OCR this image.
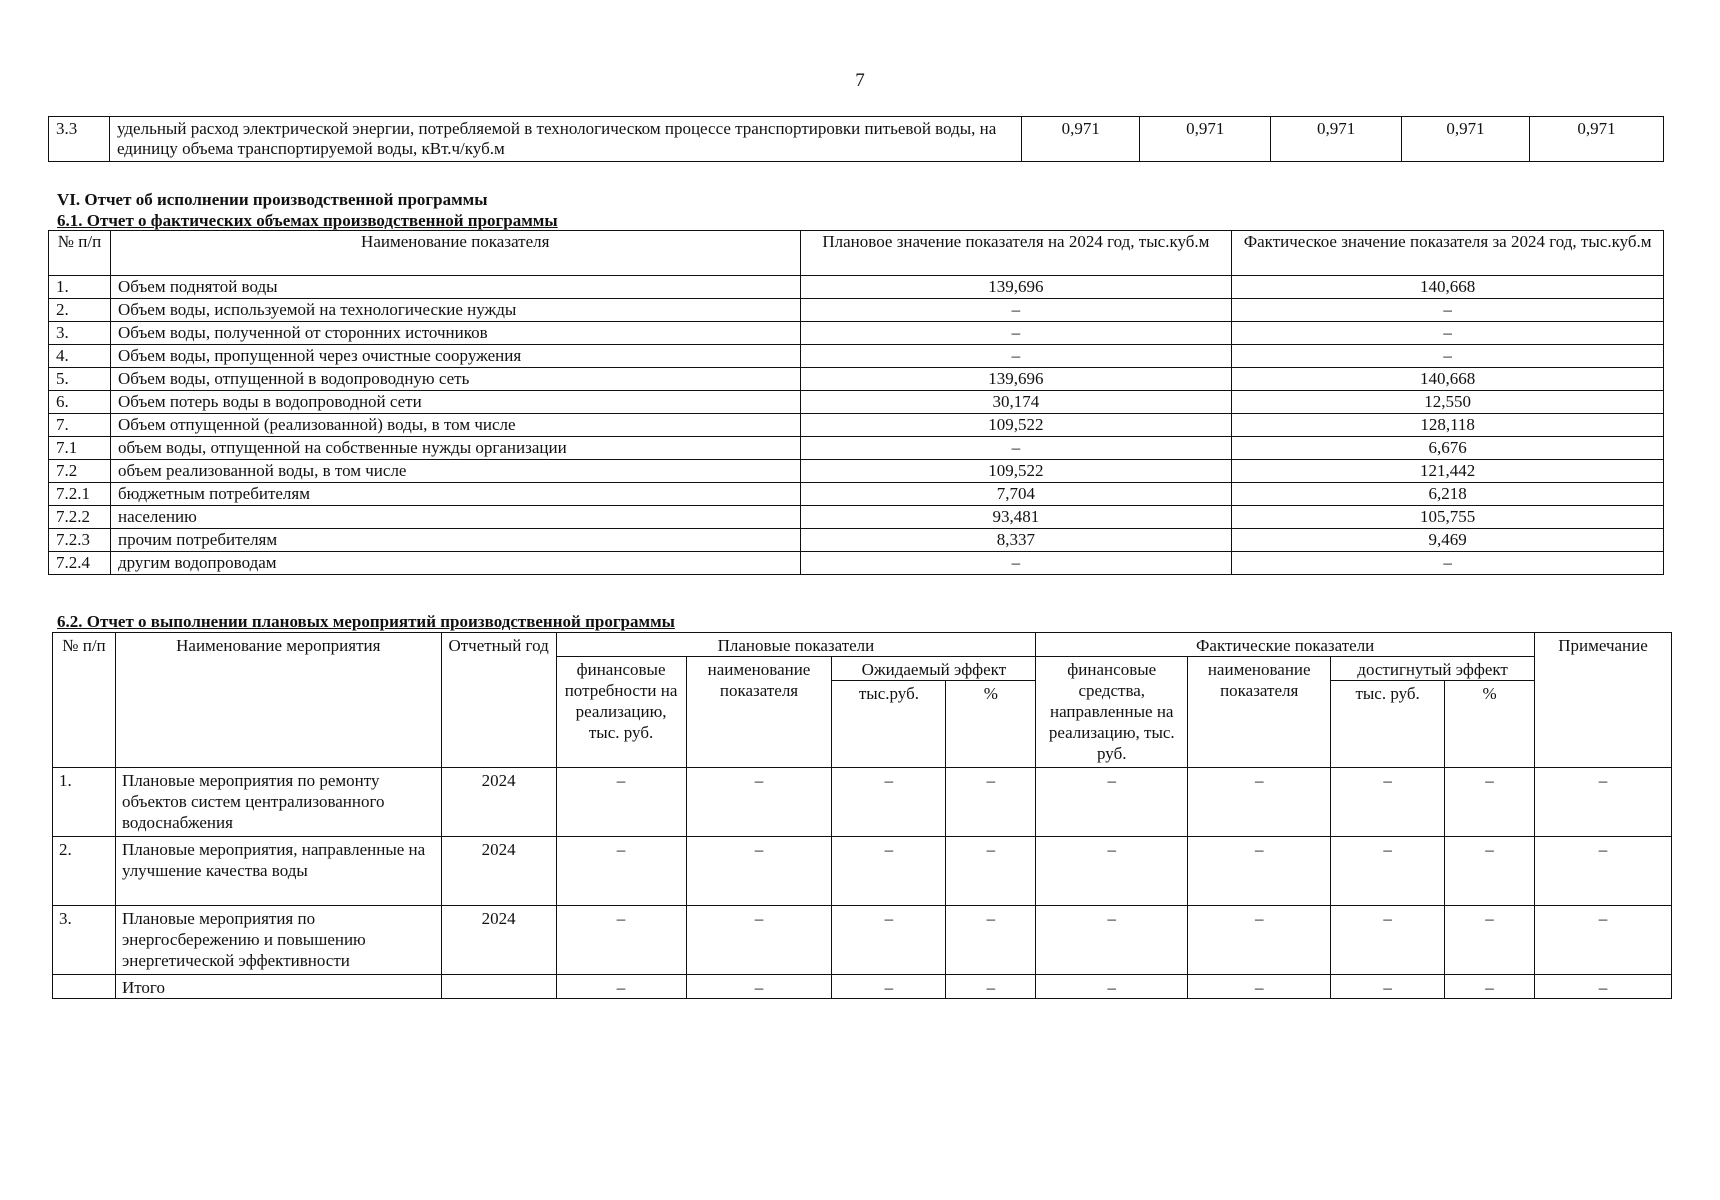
7
3.3	удельный расход электрической энергии, потребляемой в технологическом процессе транспортировки питьевой воды, на единицу объема транспортируемой воды, кВт.ч/куб.м	0,971	0,971	0,971	0,971	0,971
VI. Отчет об исполнении производственной программы
6.1. Отчет о фактических объемах производственной программы
№ п/п	Наименование показателя	Плановое значение показателя на 2024 год, тыс.куб.м	Фактическое значение показателя за 2024 год, тыс.куб.м
1.	Объем поднятой воды	139,696	140,668
2.	Объем воды, используемой на технологические нужды	–	–
3.	Объем воды, полученной от сторонних источников	–	–
4.	Объем воды, пропущенной через очистные сооружения	–	–
5.	Объем воды, отпущенной в водопроводную сеть	139,696	140,668
6.	Объем потерь воды в водопроводной сети	30,174	12,550
7.	Объем отпущенной (реализованной) воды, в том числе	109,522	128,118
7.1	объем воды, отпущенной на собственные нужды организации	–	6,676
7.2	объем реализованной воды, в том числе	109,522	121,442
7.2.1	бюджетным потребителям	7,704	6,218
7.2.2	населению	93,481	105,755
7.2.3	прочим потребителям	8,337	9,469
7.2.4	другим водопроводам	–	–
6.2. Отчет о выполнении плановых мероприятий производственной программы
№ п/п	Наименование мероприятия	Отчетный год	Плановые показатели				Фактические показатели				Примечание
			финансовые потребности на реализацию, тыс. руб.	наименование показателя	Ожидаемый эффект		финансовые средства, направленные на реализацию, тыс. руб.	наименование показателя	достигнутый эффект		
					тыс.руб.	%			тыс. руб.	%	
1.	Плановые мероприятия по ремонту объектов систем централизованного водоснабжения	2024	–	–	–	–	–	–	–	–	–
2.	Плановые мероприятия, направленные на улучшение качества воды	2024	–	–	–	–	–	–	–	–	–
3.	Плановые мероприятия по энергосбережению и повышению энергетической эффективности	2024	–	–	–	–	–	–	–	–	–
	Итого		–	–	–	–	–	–	–	–	–
